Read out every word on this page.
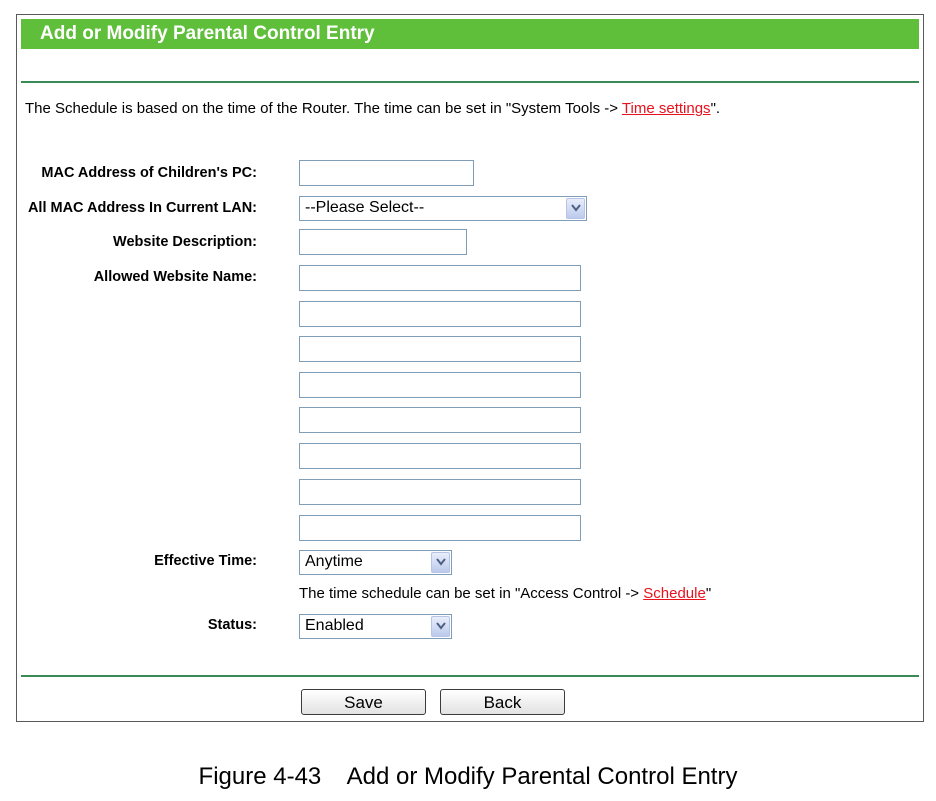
Add or Modify Parental Control Entry
The Schedule is based on the time of the Router. The time can be set in "System Tools -> Time settings".
MAC Address of Children's PC:
All MAC Address In Current LAN:	--Please Select--
Website Description:
Allowed Website Name:
Effective Time:	Anytime
The time schedule can be set in "Access Control -> Schedule"
Status:	Enabled
Save	Back
Figure 4-43    Add or Modify Parental Control Entry
